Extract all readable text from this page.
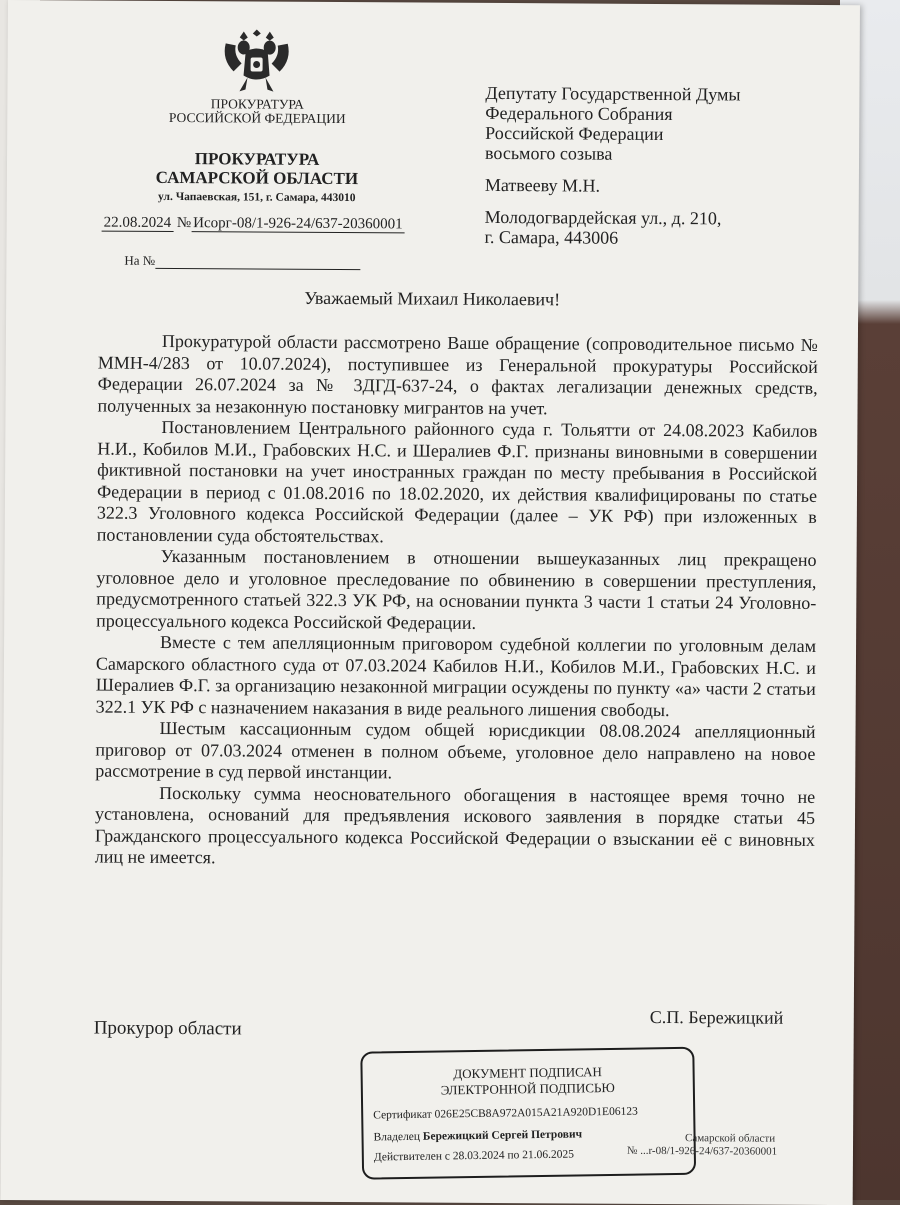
ПРОКУРАТУРА
РОССИЙСКОЙ ФЕДЕРАЦИИ
ПРОКУРАТУРА
САМАРСКОЙ ОБЛАСТИ
ул. Чапаевская, 151, г. Самара, 443010
22.08.2024 № Исорг-08/1-926-24/637-20360001
На №

Депутату Государственной Думы

Федерального Собрания

Российской Федерации

восьмого созыва

Матвееву М.Н.

Молодогвардейская ул., д. 210,

г. Самара, 443006

Уважаемый Михаил Николаевич!

Прокуратурой области рассмотрено Ваше обращение (сопроводительное письмо № ММН-4/283 от 10.07.2024), поступившее из Генеральной прокуратуры Российской Федерации 26.07.2024 за № 3ДГД-637-24, о фактах легализации денежных средств, полученных за незаконную постановку мигрантов на учет.

Постановлением Центрального районного суда г. Тольятти от 24.08.2023 Кабилов Н.И., Кобилов М.И., Грабовских Н.С. и Шералиев Ф.Г. признаны виновными в совершении фиктивной постановки на учет иностранных граждан по месту пребывания в Российской Федерации в период с 01.08.2016 по 18.02.2020, их действия квалифицированы по статье 322.3 Уголовного кодекса Российской Федерации (далее – УК РФ) при изложенных в постановлении суда обстоятельствах.

Указанным постановлением в отношении вышеуказанных лиц прекращено уголовное дело и уголовное преследование по обвинению в совершении преступления, предусмотренного статьей 322.3 УК РФ, на основании пункта 3 части 1 статьи 24 Уголовно-процессуального кодекса Российской Федерации.

Вместе с тем апелляционным приговором судебной коллегии по уголовным делам Самарского областного суда от 07.03.2024 Кабилов Н.И., Кобилов М.И., Грабовских Н.С. и Шералиев Ф.Г. за организацию незаконной миграции осуждены по пункту «а» части 2 статьи 322.1 УК РФ с назначением наказания в виде реального лишения свободы.

Шестым кассационным судом общей юрисдикции 08.08.2024 апелляционный приговор от 07.03.2024 отменен в полном объеме, уголовное дело направлено на новое рассмотрение в суд первой инстанции.

Поскольку сумма неосновательного обогащения в настоящее время точно не установлена, оснований для предъявления искового заявления в порядке статьи 45 Гражданского процессуального кодекса Российской Федерации о взыскании её с виновных лиц не имеется.

Прокурор области
С.П. Бережицкий
ДОКУМЕНТ ПОДПИСАН
ЭЛЕКТРОННОЙ ПОДПИСЬЮ
Сертификат 026E25CB8A972A015A21A920D1E06123
Владелец Бережицкий Сергей Петрович
Действителен с 28.03.2024 по 21.06.2025
Самарской области
№ ...r-08/1-926-24/637-20360001
